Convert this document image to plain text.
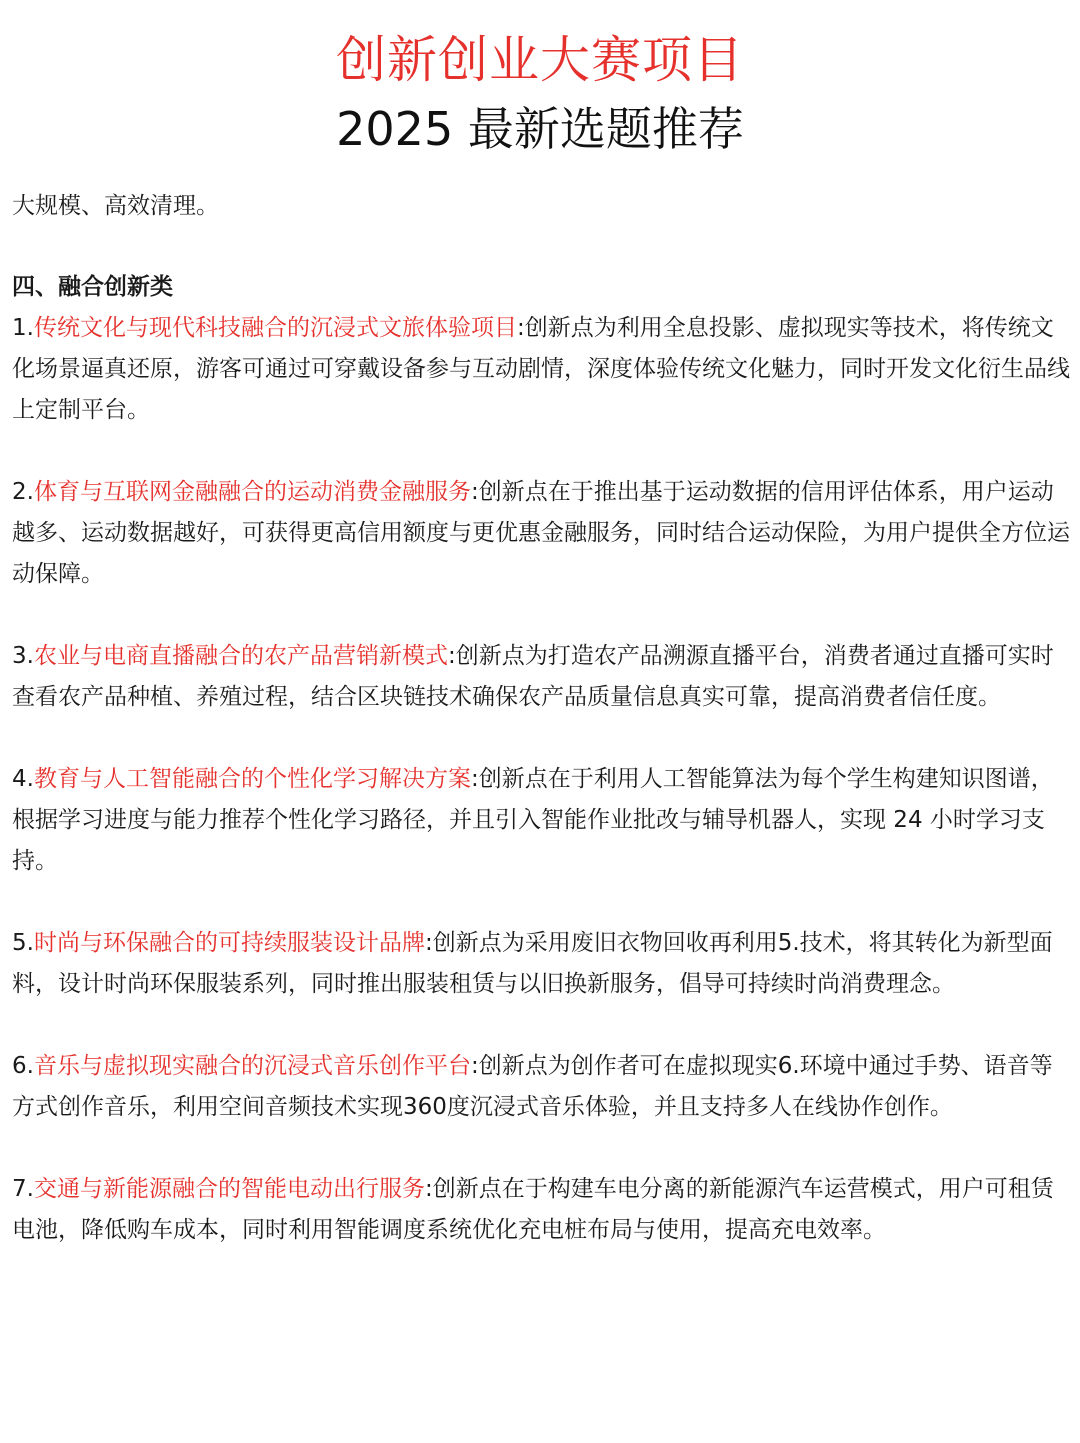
创新创业大赛项目
2025 最新选题推荐

大规模、高效清理。

四、融合创新类

1.传统文化与现代科技融合的沉浸式文旅体验项目:创新点为利用全息投影、虚拟现实等技术，将传统文化场景逼真还原，游客可通过可穿戴设备参与互动剧情，深度体验传统文化魅力，同时开发文化衍生品线上定制平台。

2.体育与互联网金融融合的运动消费金融服务:创新点在于推出基于运动数据的信用评估体系，用户运动越多、运动数据越好，可获得更高信用额度与更优惠金融服务，同时结合运动保险，为用户提供全方位运动保障。

3.农业与电商直播融合的农产品营销新模式:创新点为打造农产品溯源直播平台，消费者通过直播可实时查看农产品种植、养殖过程，结合区块链技术确保农产品质量信息真实可靠，提高消费者信任度。

4.教育与人工智能融合的个性化学习解决方案:创新点在于利用人工智能算法为每个学生构建知识图谱，根据学习进度与能力推荐个性化学习路径，并且引入智能作业批改与辅导机器人，实现 24 小时学习支持。

5.时尚与环保融合的可持续服装设计品牌:创新点为采用废旧衣物回收再利用5.技术，将其转化为新型面料，设计时尚环保服装系列，同时推出服装租赁与以旧换新服务，倡导可持续时尚消费理念。

6.音乐与虚拟现实融合的沉浸式音乐创作平台:创新点为创作者可在虚拟现实6.环境中通过手势、语音等方式创作音乐，利用空间音频技术实现360度沉浸式音乐体验，并且支持多人在线协作创作。

7.交通与新能源融合的智能电动出行服务:创新点在于构建车电分离的新能源汽车运营模式，用户可租赁电池，降低购车成本，同时利用智能调度系统优化充电桩布局与使用，提高充电效率。
